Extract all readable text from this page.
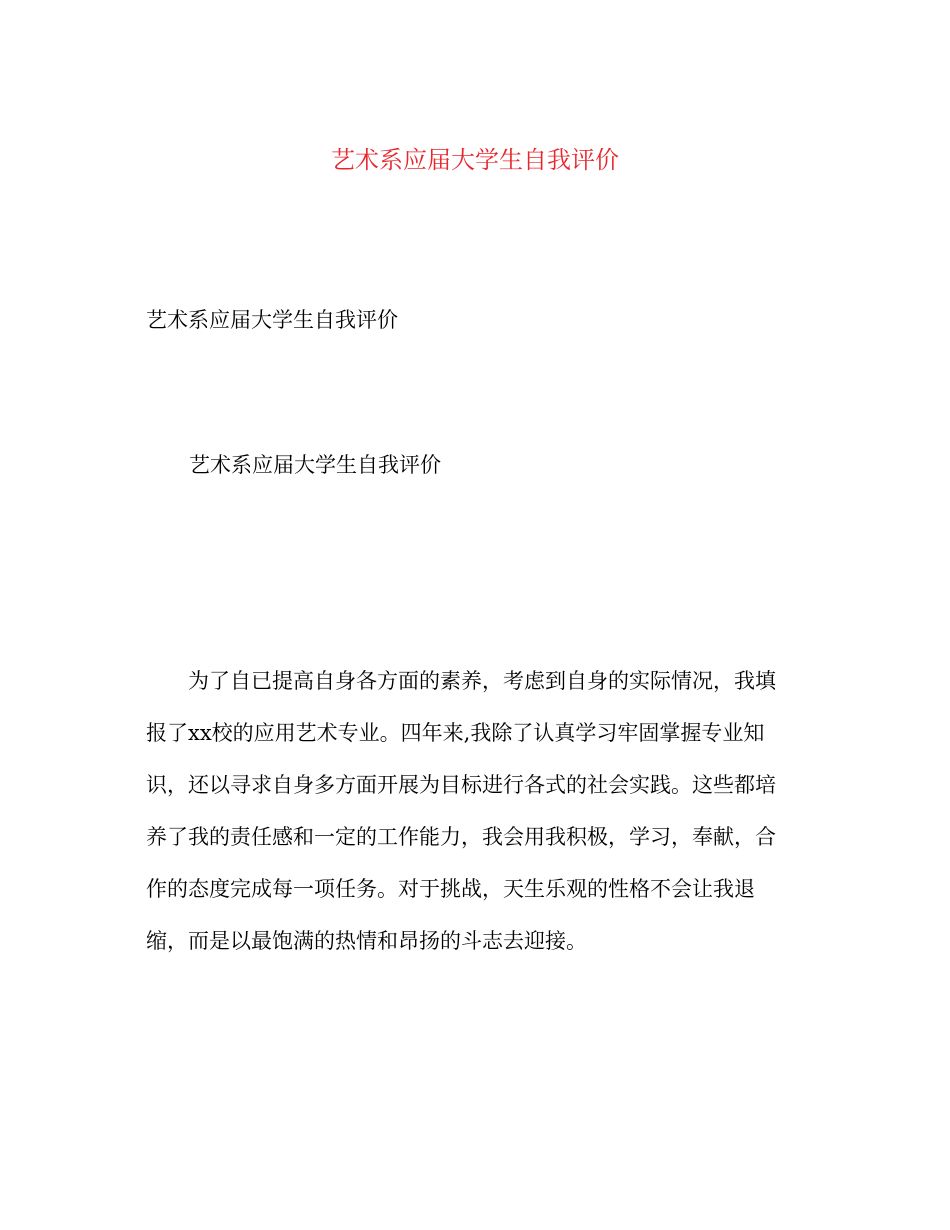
艺术系应届大学生自我评价

艺术系应届大学生自我评价

艺术系应届大学生自我评价

　　为了自已提高自身各方面的素养，考虑到自身的实际情况，我填
报了xx校的应用艺术专业。四年来,我除了认真学习牢固掌握专业知
识，还以寻求自身多方面开展为目标进行各式的社会实践。这些都培
养了我的责任感和一定的工作能力，我会用我积极，学习，奉献，合
作的态度完成每一项任务。对于挑战，天生乐观的性格不会让我退
缩，而是以最饱满的热情和昂扬的斗志去迎接。
